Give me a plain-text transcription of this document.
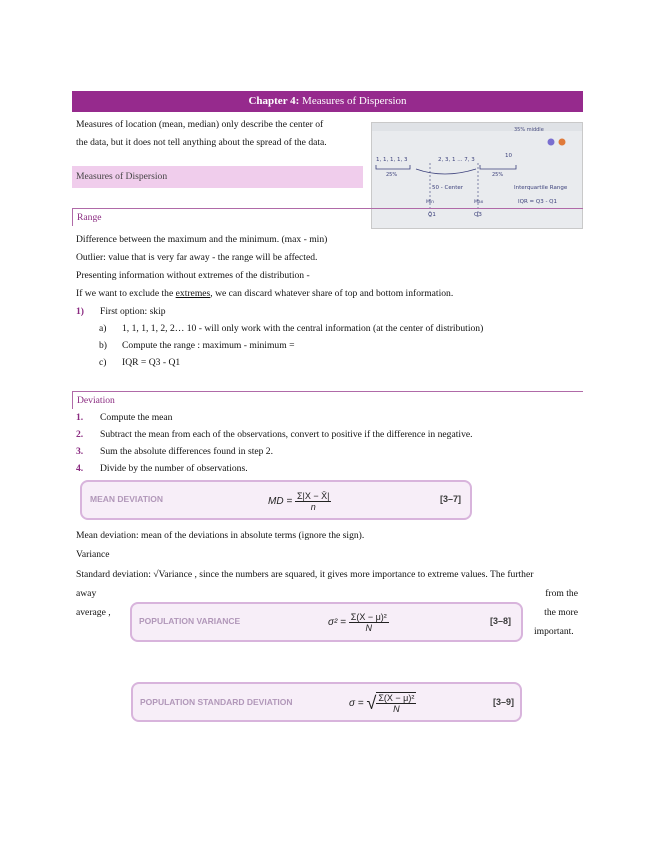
Chapter 4: Measures of Dispersion
Measures of location (mean, median) only describe the center of
the data, but it does not tell anything about the spread of the data.
35% middle
1, 1, 1, 1, 3	2, 3, 1 ... 7, 3
10
25%	25%
50 - Center	Interquartile Range
IQR = Q3 - Q1
Min	Max
Q1	Q3
Measures of Dispersion
Range
Difference between the maximum and the minimum. (max - min)
Outlier: value that is very far away - the range will be affected.
Presenting information without extremes of the distribution -
If we want to exclude the extremes, we can discard whatever share of top and bottom information.
1) First option: skip
a) 1, 1, 1, 1, 2, 2… 10 - will only work with the central information (at the center of distribution)
b) Compute the range : maximum - minimum =
c) IQR = Q3 - Q1
Deviation
1. Compute the mean
2. Subtract the mean from each of the observations, convert to positive if the difference in negative.
3. Sum the absolute differences found in step 2.
4. Divide by the number of observations.
MEAN DEVIATION	MD =
$\frac{\Sigma|X - X̄|}{n}$	[3–7]
Mean deviation: mean of the deviations in absolute terms (ignore the sign).
Variance
Standard deviation: √Variance , since the numbers are squared, it gives more importance to extreme values. The further
away	from the
average ,	the more
important.
POPULATION VARIANCE	σ² =
$\frac{\text{Σ(X − μ)²}}{N}$	[3–8]
POPULATION STANDARD DEVIATION	σ =
√ $\frac{\text{Σ(X − μ)²}}{N}$	[3–9]
